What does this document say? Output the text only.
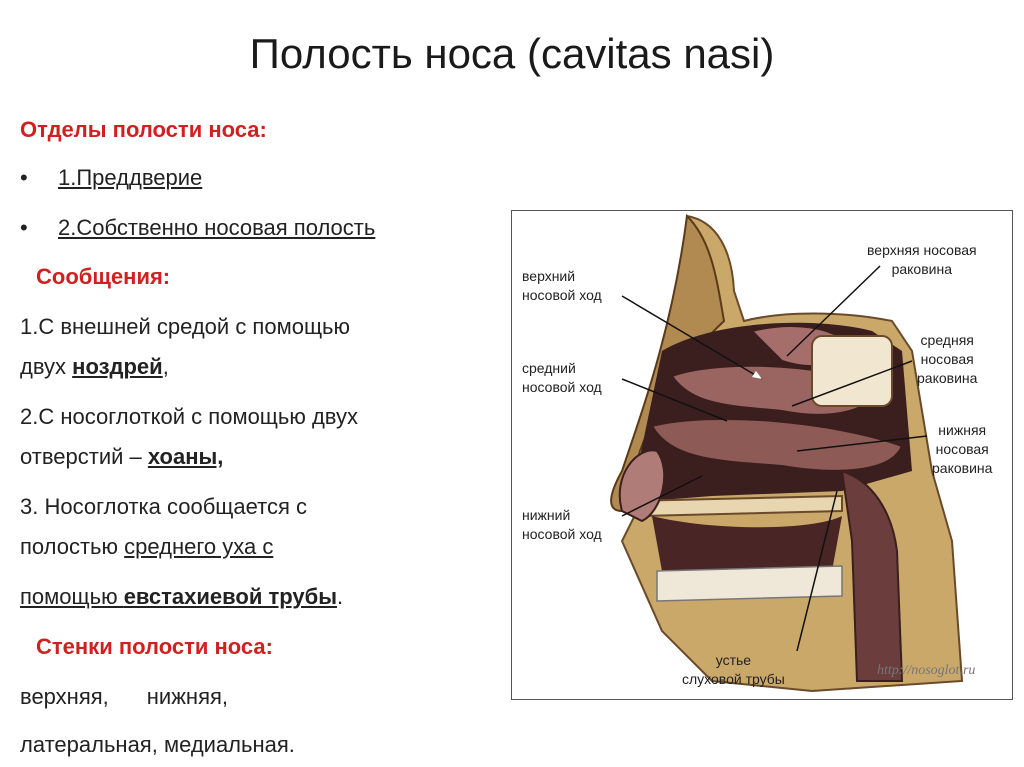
Полость носа (cavitas nasi)
Отделы полости носа:
• 1.Преддверие
• 2.Собственно носовая полость
Сообщения:
1.С внешней средой с помощью
двух ноздрей,
2.С носоглоткой с помощью двух
отверстий – хоаны,
3. Носоглотка сообщается с
полостью среднего уха с
помощью евстахиевой трубы.
Стенки полости носа:
верхняя, нижняя,
латеральная, медиальная.
верхний
носовой ход
средний
носовой ход
нижний
носовой ход
верхняя носовая
раковина
средняя
носовая
раковина
нижняя
носовая
раковина
устье
слуховой трубы
http://nosoglot.ru
